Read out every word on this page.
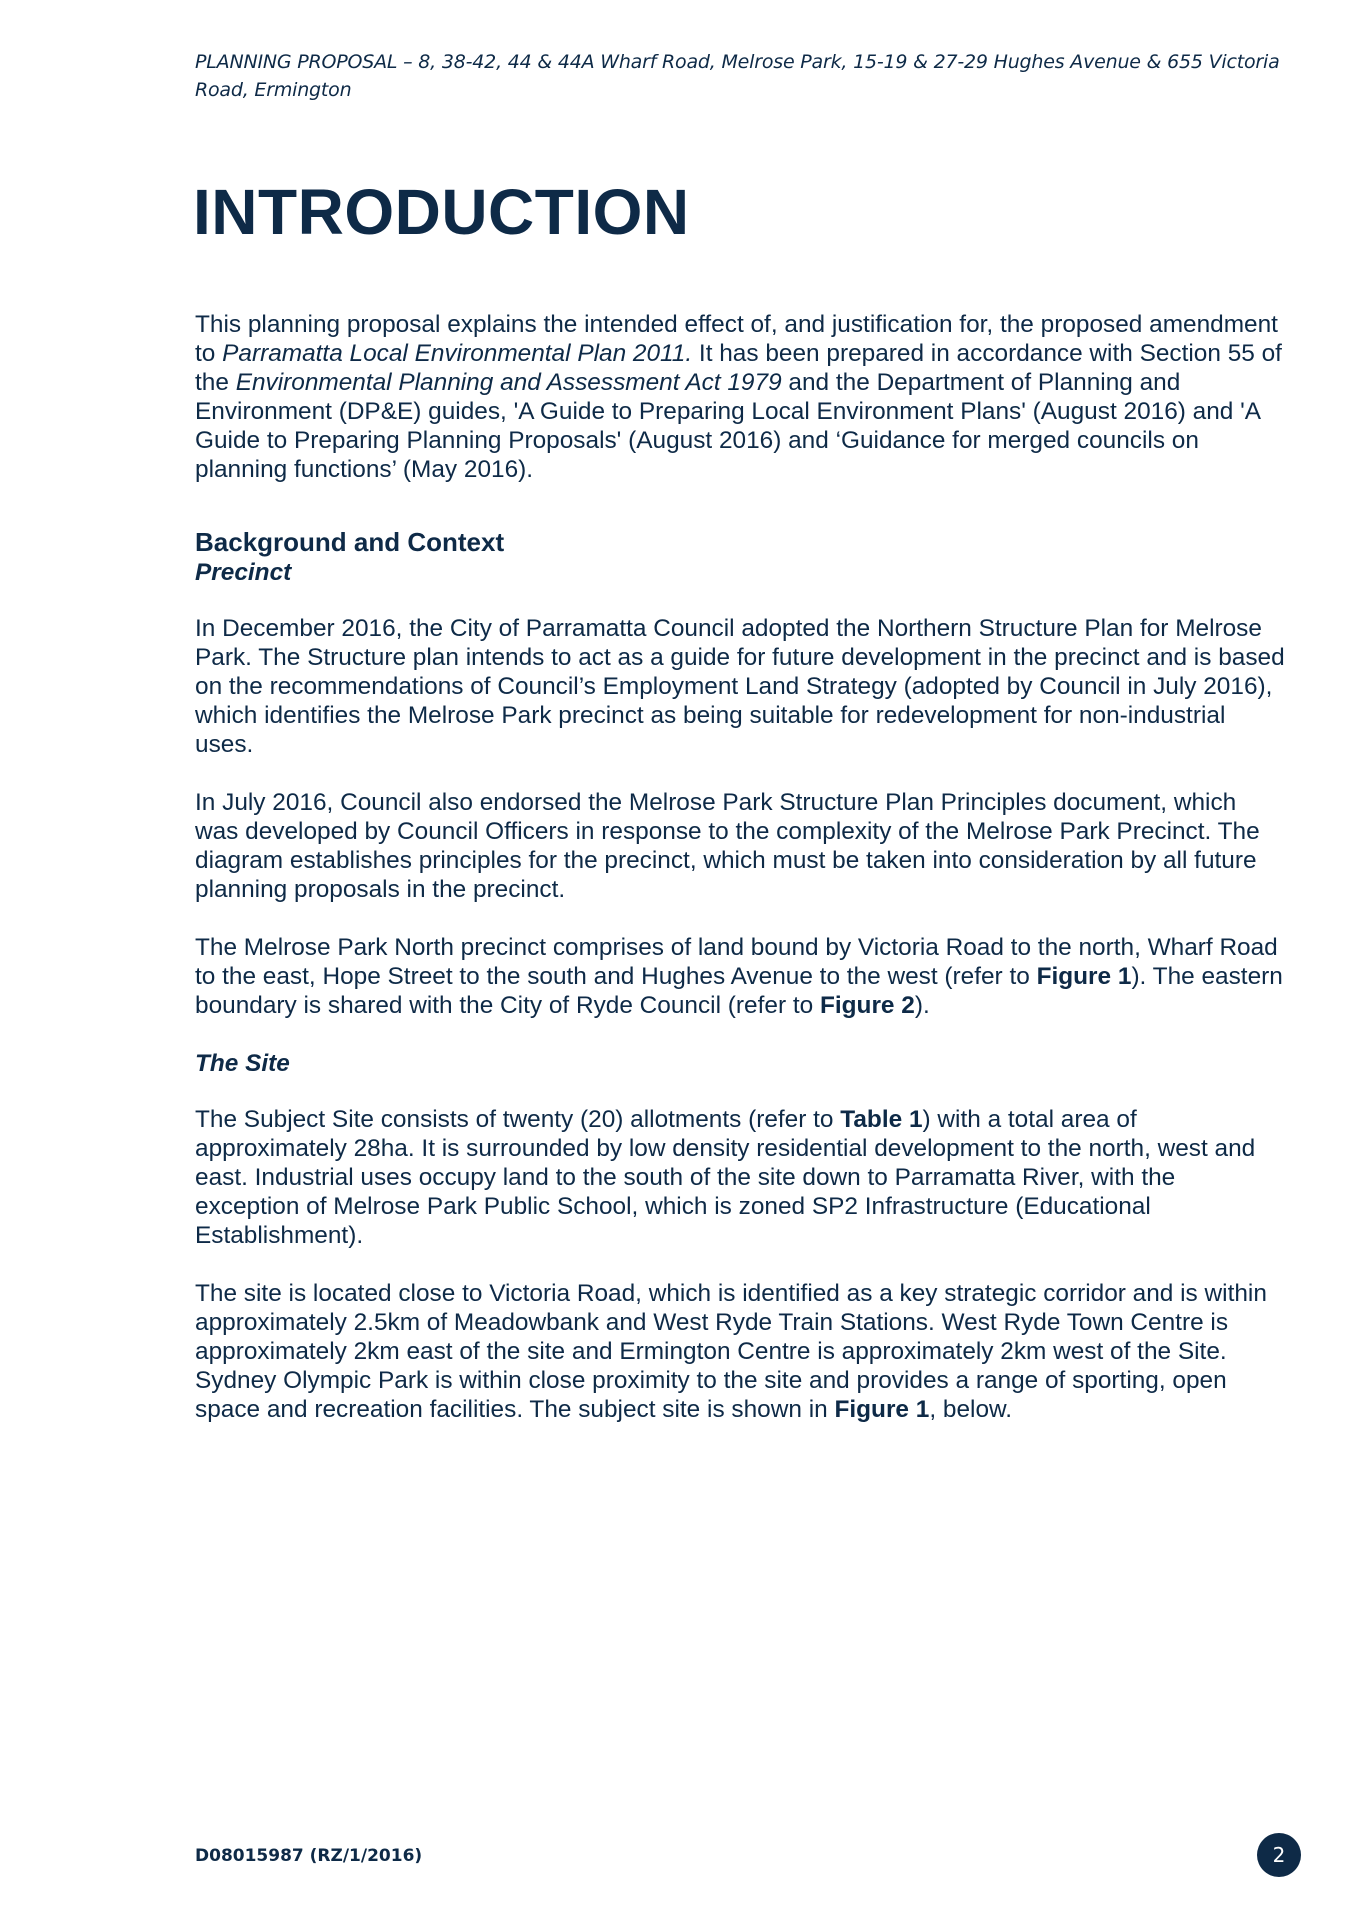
PLANNING PROPOSAL – 8, 38-42, 44 & 44A Wharf Road, Melrose Park, 15-19 & 27-29 Hughes Avenue & 655 Victoria Road, Ermington
INTRODUCTION

This planning proposal explains the intended effect of, and justification for, the proposed amendment to Parramatta Local Environmental Plan 2011. It has been prepared in accordance with Section 55 of the Environmental Planning and Assessment Act 1979 and the Department of Planning and Environment (DP&E) guides, 'A Guide to Preparing Local Environment Plans' (August 2016) and 'A Guide to Preparing Planning Proposals' (August 2016) and ‘Guidance for merged councils on planning functions’ (May 2016).

Background and Context
Precinct

In December 2016, the City of Parramatta Council adopted the Northern Structure Plan for Melrose Park. The Structure plan intends to act as a guide for future development in the precinct and is based on the recommendations of Council’s Employment Land Strategy (adopted by Council in July 2016), which identifies the Melrose Park precinct as being suitable for redevelopment for non-industrial uses.

In July 2016, Council also endorsed the Melrose Park Structure Plan Principles document, which was developed by Council Officers in response to the complexity of the Melrose Park Precinct. The diagram establishes principles for the precinct, which must be taken into consideration by all future planning proposals in the precinct.

The Melrose Park North precinct comprises of land bound by Victoria Road to the north, Wharf Road to the east, Hope Street to the south and Hughes Avenue to the west (refer to Figure 1). The eastern boundary is shared with the City of Ryde Council (refer to Figure 2).

The Site

The Subject Site consists of twenty (20) allotments (refer to Table 1) with a total area of approximately 28ha. It is surrounded by low density residential development to the north, west and east. Industrial uses occupy land to the south of the site down to Parramatta River, with the exception of Melrose Park Public School, which is zoned SP2 Infrastructure (Educational Establishment).

The site is located close to Victoria Road, which is identified as a key strategic corridor and is within approximately 2.5km of Meadowbank and West Ryde Train Stations. West Ryde Town Centre is approximately 2km east of the site and Ermington Centre is approximately 2km west of the Site. Sydney Olympic Park is within close proximity to the site and provides a range of sporting, open space and recreation facilities. The subject site is shown in Figure 1, below.

D08015987 (RZ/1/2016)	2
